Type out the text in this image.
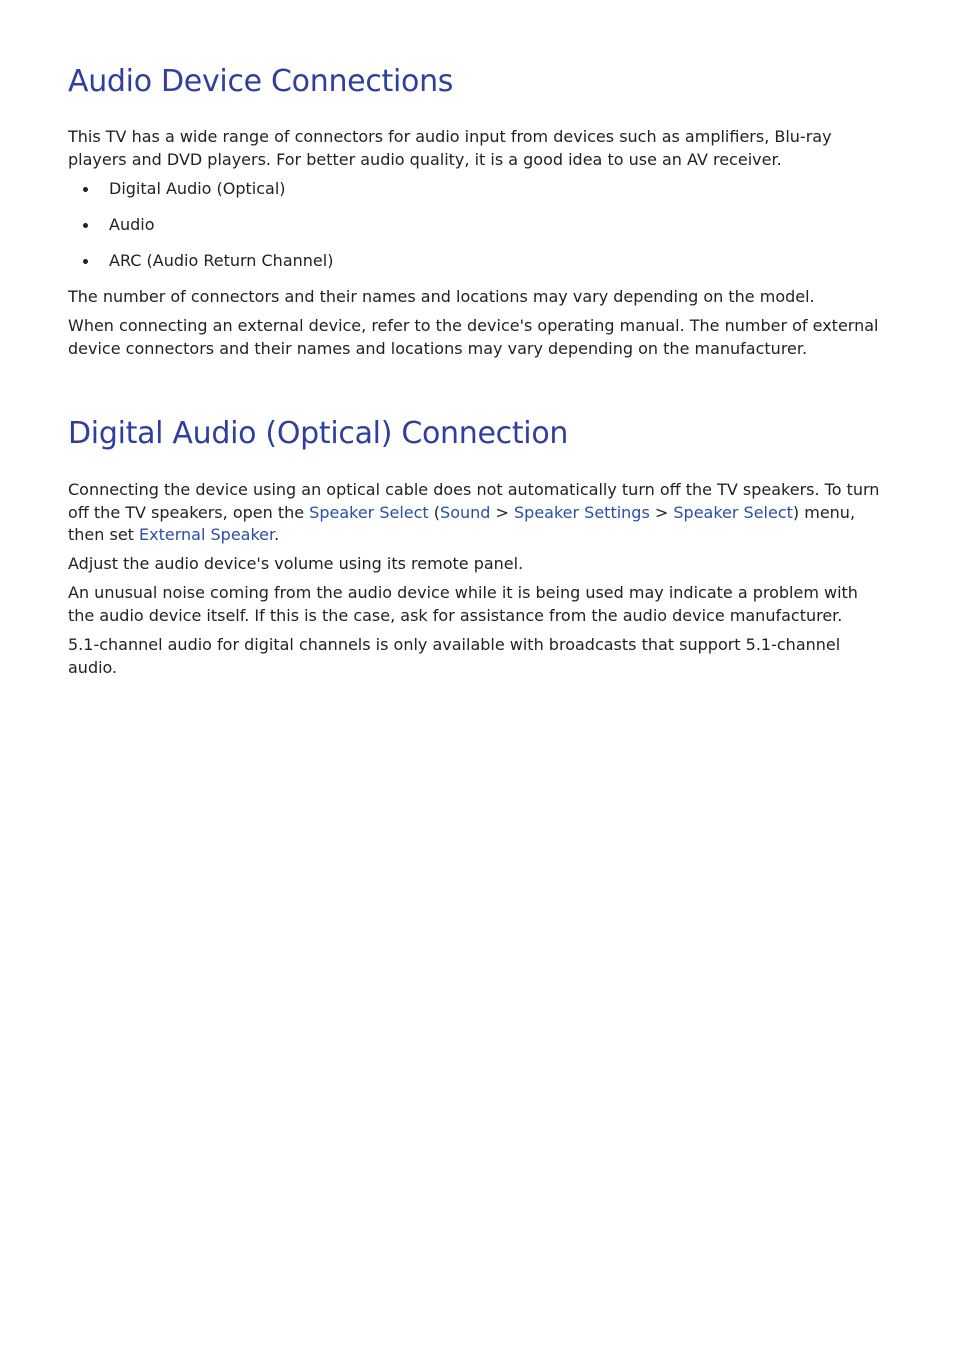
Audio Device Connections

This TV has a wide range of connectors for audio input from devices such as amplifiers, Blu-ray players and DVD players. For better audio quality, it is a good idea to use an AV receiver.

Digital Audio (Optical)
Audio
ARC (Audio Return Channel)

The number of connectors and their names and locations may vary depending on the model.

When connecting an external device, refer to the device's operating manual. The number of external device connectors and their names and locations may vary depending on the manufacturer.

Digital Audio (Optical) Connection

Connecting the device using an optical cable does not automatically turn off the TV speakers. To turn off the TV speakers, open the Speaker Select (Sound > Speaker Settings > Speaker Select) menu, then set External Speaker.

Adjust the audio device's volume using its remote panel.

An unusual noise coming from the audio device while it is being used may indicate a problem with the audio device itself. If this is the case, ask for assistance from the audio device manufacturer.

5.1-channel audio for digital channels is only available with broadcasts that support 5.1-channel audio.
